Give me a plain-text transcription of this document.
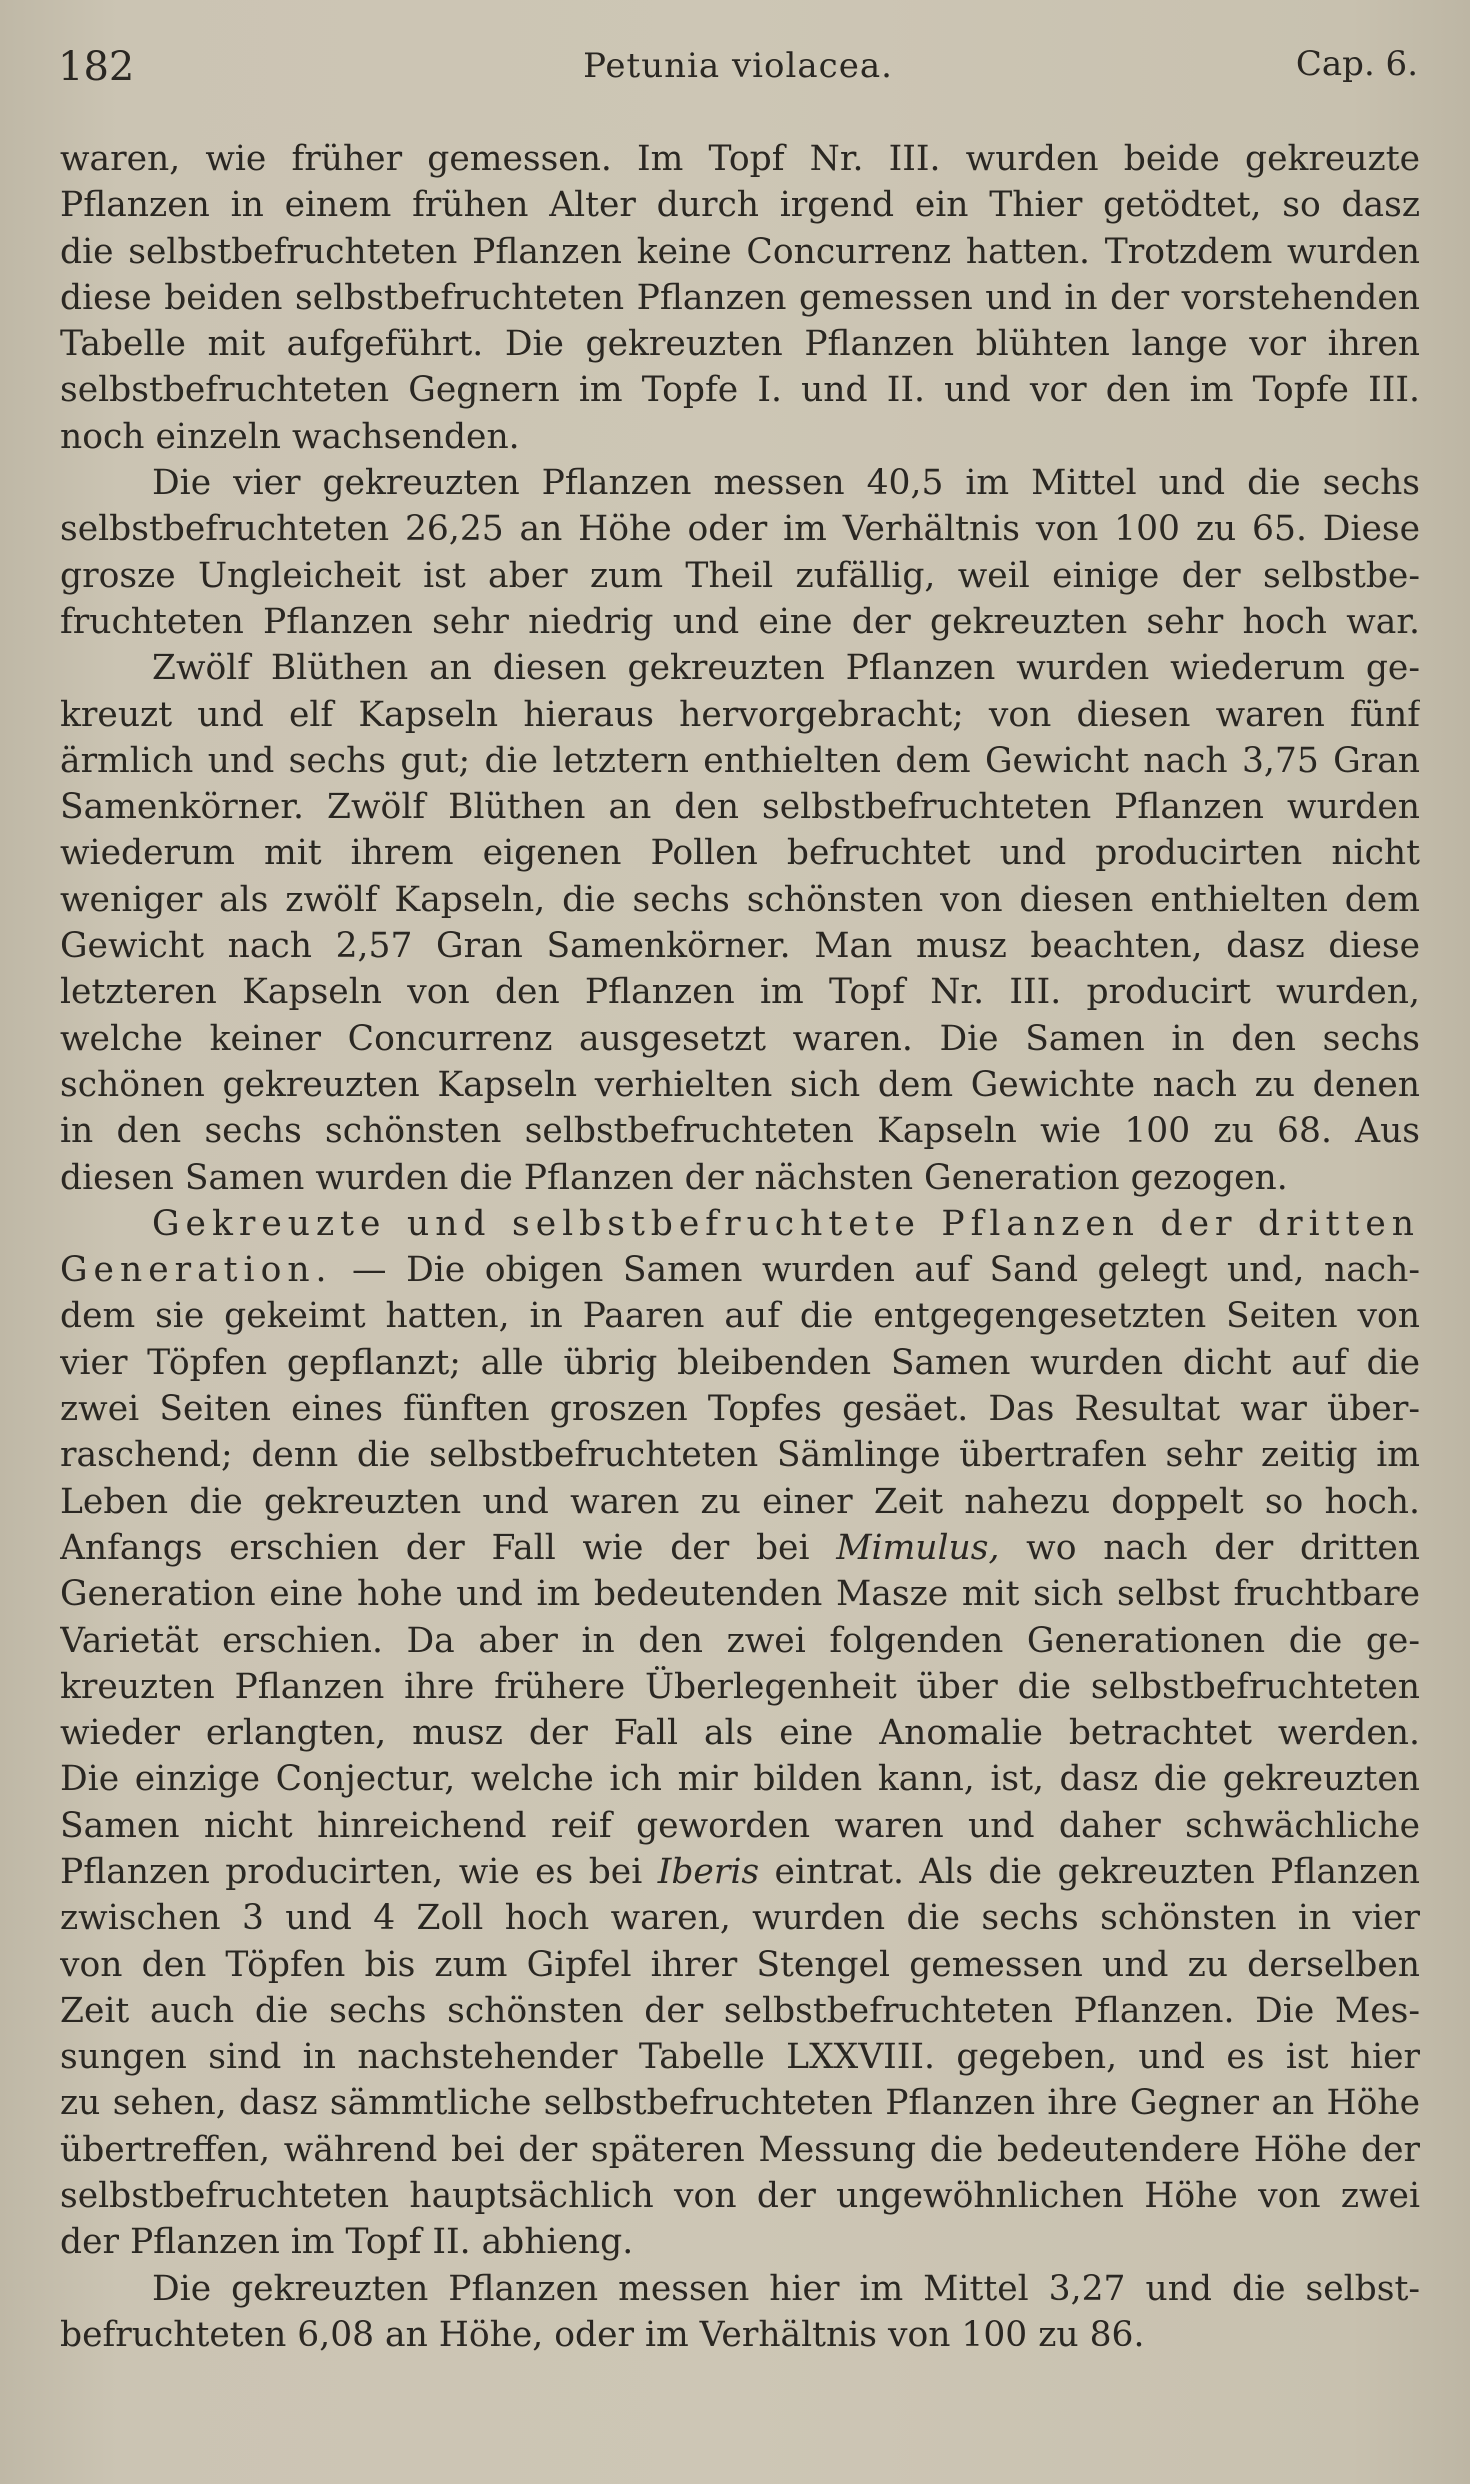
182	Petunia violacea.	Cap. 6.
waren, wie früher gemessen. Im Topf Nr. III. wurden beide gekreuzte
Pflanzen in einem frühen Alter durch irgend ein Thier getödtet, so dasz
die selbstbefruchteten Pflanzen keine Concurrenz hatten. Trotzdem wurden
diese beiden selbstbefruchteten Pflanzen gemessen und in der vorstehenden
Tabelle mit aufgeführt. Die gekreuzten Pflanzen blühten lange vor ihren
selbstbefruchteten Gegnern im Topfe I. und II. und vor den im Topfe III.
noch einzeln wachsenden.
Die vier gekreuzten Pflanzen messen 40,5 im Mittel und die sechs
selbstbefruchteten 26,25 an Höhe oder im Verhältnis von 100 zu 65. Diese
grosze Ungleicheit ist aber zum Theil zufällig, weil einige der selbstbe-
fruchteten Pflanzen sehr niedrig und eine der gekreuzten sehr hoch war.
Zwölf Blüthen an diesen gekreuzten Pflanzen wurden wiederum ge-
kreuzt und elf Kapseln hieraus hervorgebracht; von diesen waren fünf
ärmlich und sechs gut; die letztern enthielten dem Gewicht nach 3,75 Gran
Samenkörner. Zwölf Blüthen an den selbstbefruchteten Pflanzen wurden
wiederum mit ihrem eigenen Pollen befruchtet und producirten nicht
weniger als zwölf Kapseln, die sechs schönsten von diesen enthielten dem
Gewicht nach 2,57 Gran Samenkörner. Man musz beachten, dasz diese
letzteren Kapseln von den Pflanzen im Topf Nr. III. producirt wurden,
welche keiner Concurrenz ausgesetzt waren. Die Samen in den sechs
schönen gekreuzten Kapseln verhielten sich dem Gewichte nach zu denen
in den sechs schönsten selbstbefruchteten Kapseln wie 100 zu 68. Aus
diesen Samen wurden die Pflanzen der nächsten Generation gezogen.
Gekreuzte und selbstbefruchtete Pflanzen der dritten
Generation. — Die obigen Samen wurden auf Sand gelegt und, nach-
dem sie gekeimt hatten, in Paaren auf die entgegengesetzten Seiten von
vier Töpfen gepflanzt; alle übrig bleibenden Samen wurden dicht auf die
zwei Seiten eines fünften groszen Topfes gesäet. Das Resultat war über-
raschend; denn die selbstbefruchteten Sämlinge übertrafen sehr zeitig im
Leben die gekreuzten und waren zu einer Zeit nahezu doppelt so hoch.
Anfangs erschien der Fall wie der bei Mimulus, wo nach der dritten
Generation eine hohe und im bedeutenden Masze mit sich selbst fruchtbare
Varietät erschien. Da aber in den zwei folgenden Generationen die ge-
kreuzten Pflanzen ihre frühere Überlegenheit über die selbstbefruchteten
wieder erlangten, musz der Fall als eine Anomalie betrachtet werden.
Die einzige Conjectur, welche ich mir bilden kann, ist, dasz die gekreuzten
Samen nicht hinreichend reif geworden waren und daher schwächliche
Pflanzen producirten, wie es bei Iberis eintrat. Als die gekreuzten Pflanzen
zwischen 3 und 4 Zoll hoch waren, wurden die sechs schönsten in vier
von den Töpfen bis zum Gipfel ihrer Stengel gemessen und zu derselben
Zeit auch die sechs schönsten der selbstbefruchteten Pflanzen. Die Mes-
sungen sind in nachstehender Tabelle LXXVIII. gegeben, und es ist hier
zu sehen, dasz sämmtliche selbstbefruchteten Pflanzen ihre Gegner an Höhe
übertreffen, während bei der späteren Messung die bedeutendere Höhe der
selbstbefruchteten hauptsächlich von der ungewöhnlichen Höhe von zwei
der Pflanzen im Topf II. abhieng.
Die gekreuzten Pflanzen messen hier im Mittel 3,27 und die selbst-
befruchteten 6,08 an Höhe, oder im Verhältnis von 100 zu 86.
